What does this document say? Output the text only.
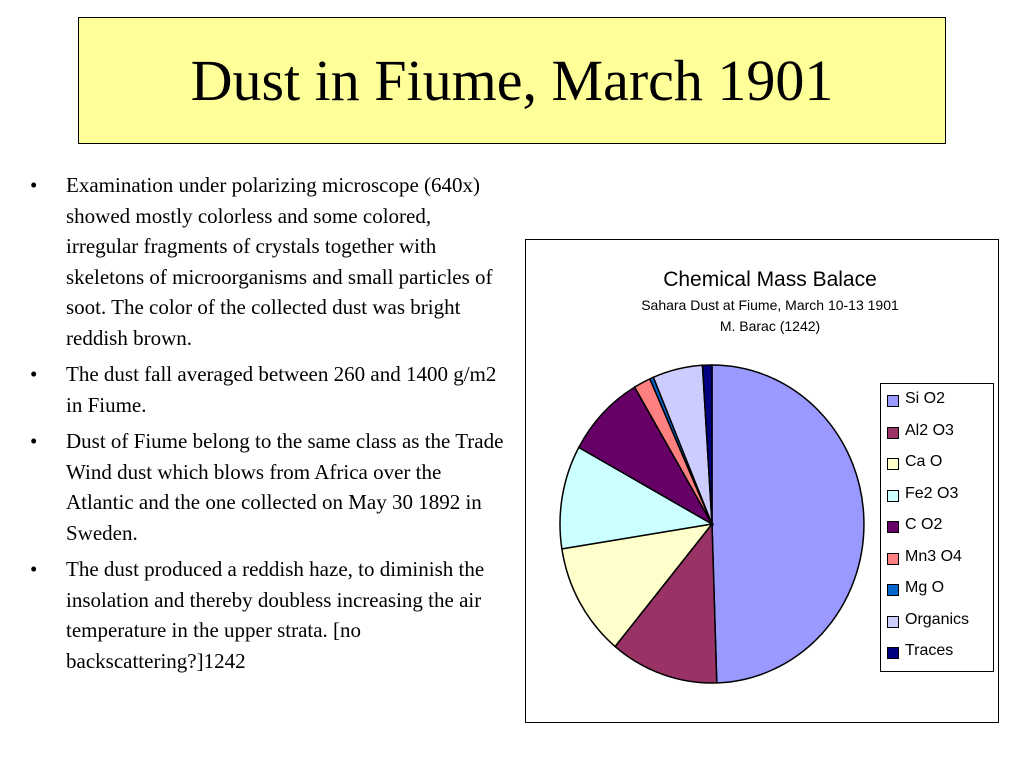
Dust in Fiume, March 1901
• Examination under polarizing microscope (640x) showed mostly colorless and some colored, irregular fragments of crystals together with skeletons of microorganisms and small particles of soot. The color of the collected dust was bright reddish brown.
• The dust fall averaged between 260 and 1400 g/m2 in Fiume.
• Dust of Fiume belong to the same class as the Trade Wind dust which blows from Africa over the Atlantic and the one collected on May 30 1892 in Sweden.
• The dust produced a reddish haze, to diminish the insolation and thereby doubless increasing the air temperature in the upper strata. [no backscattering?]1242
Chemical Mass Balace
Sahara Dust at Fiume, March 10-13 1901
M. Barac (1242)
Si O2
Al2 O3
Ca O
Fe2 O3
C O2
Mn3 O4
Mg O
Organics
Traces
